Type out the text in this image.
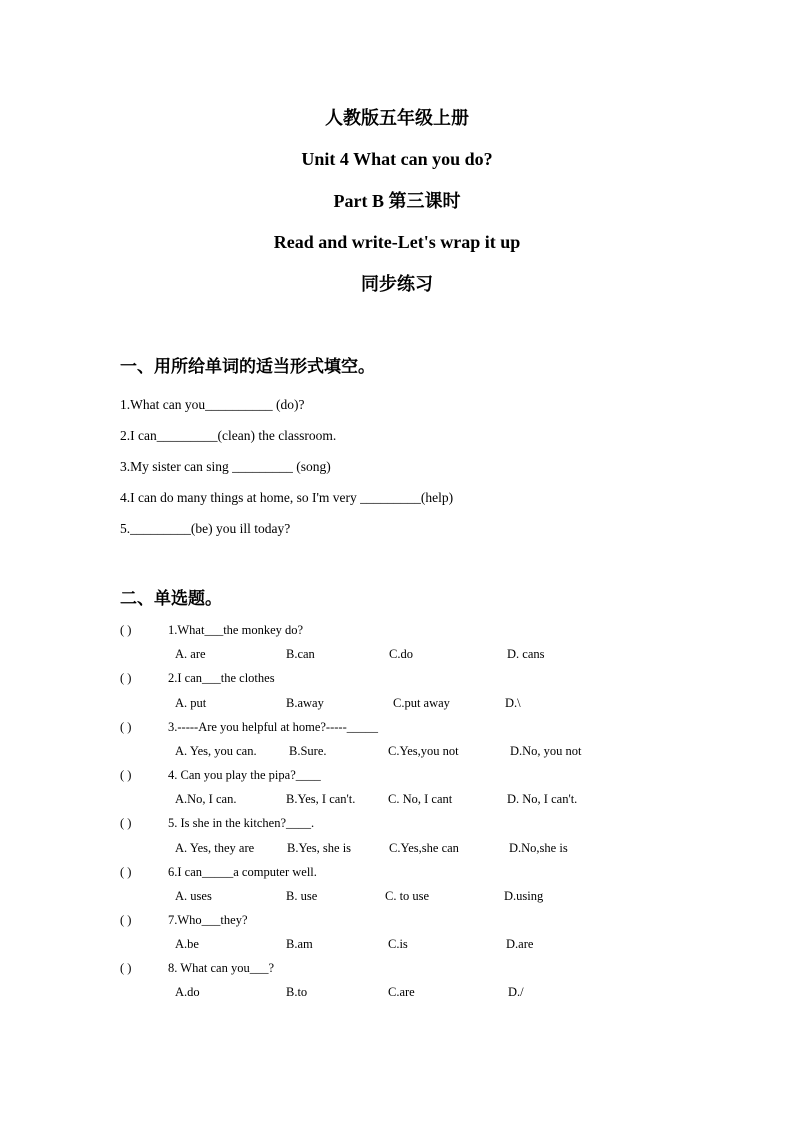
人教版五年级上册
Unit 4 What can you do?
Part B 第三课时
Read and write-Let's wrap it up
同步练习
一、用所给单词的适当形式填空。
1.What can you__________ (do)?
2.I can_________(clean) the classroom.
3.My sister can sing _________ (song)
4.I can do many things at home, so I'm very _________(help)
5._________(be) you ill today?
二、单选题。
( )	1.What___the monkey do?
A. are	B.can	C.do	D. cans
( )	2.I can___the clothes
A. put	B.away	C.put away	D.\
( )	3.-----Are you helpful at home?-----_____
A. Yes, you can.	B.Sure.	C.Yes,you not	D.No, you not
( )	4. Can you play the pipa?____
A.No, I can.	B.Yes, I can't.	C. No, I cant	D. No, I can't.
( )	5. Is she in the kitchen?____.
A. Yes, they are	B.Yes, she is	C.Yes,she can	D.No,she is
( )	6.I can_____a computer well.
A. uses	B. use	C. to use	D.using
( )	7.Who___they?
A.be	B.am	C.is	D.are
( )	8. What can you___?
A.do	B.to	C.are	D./
